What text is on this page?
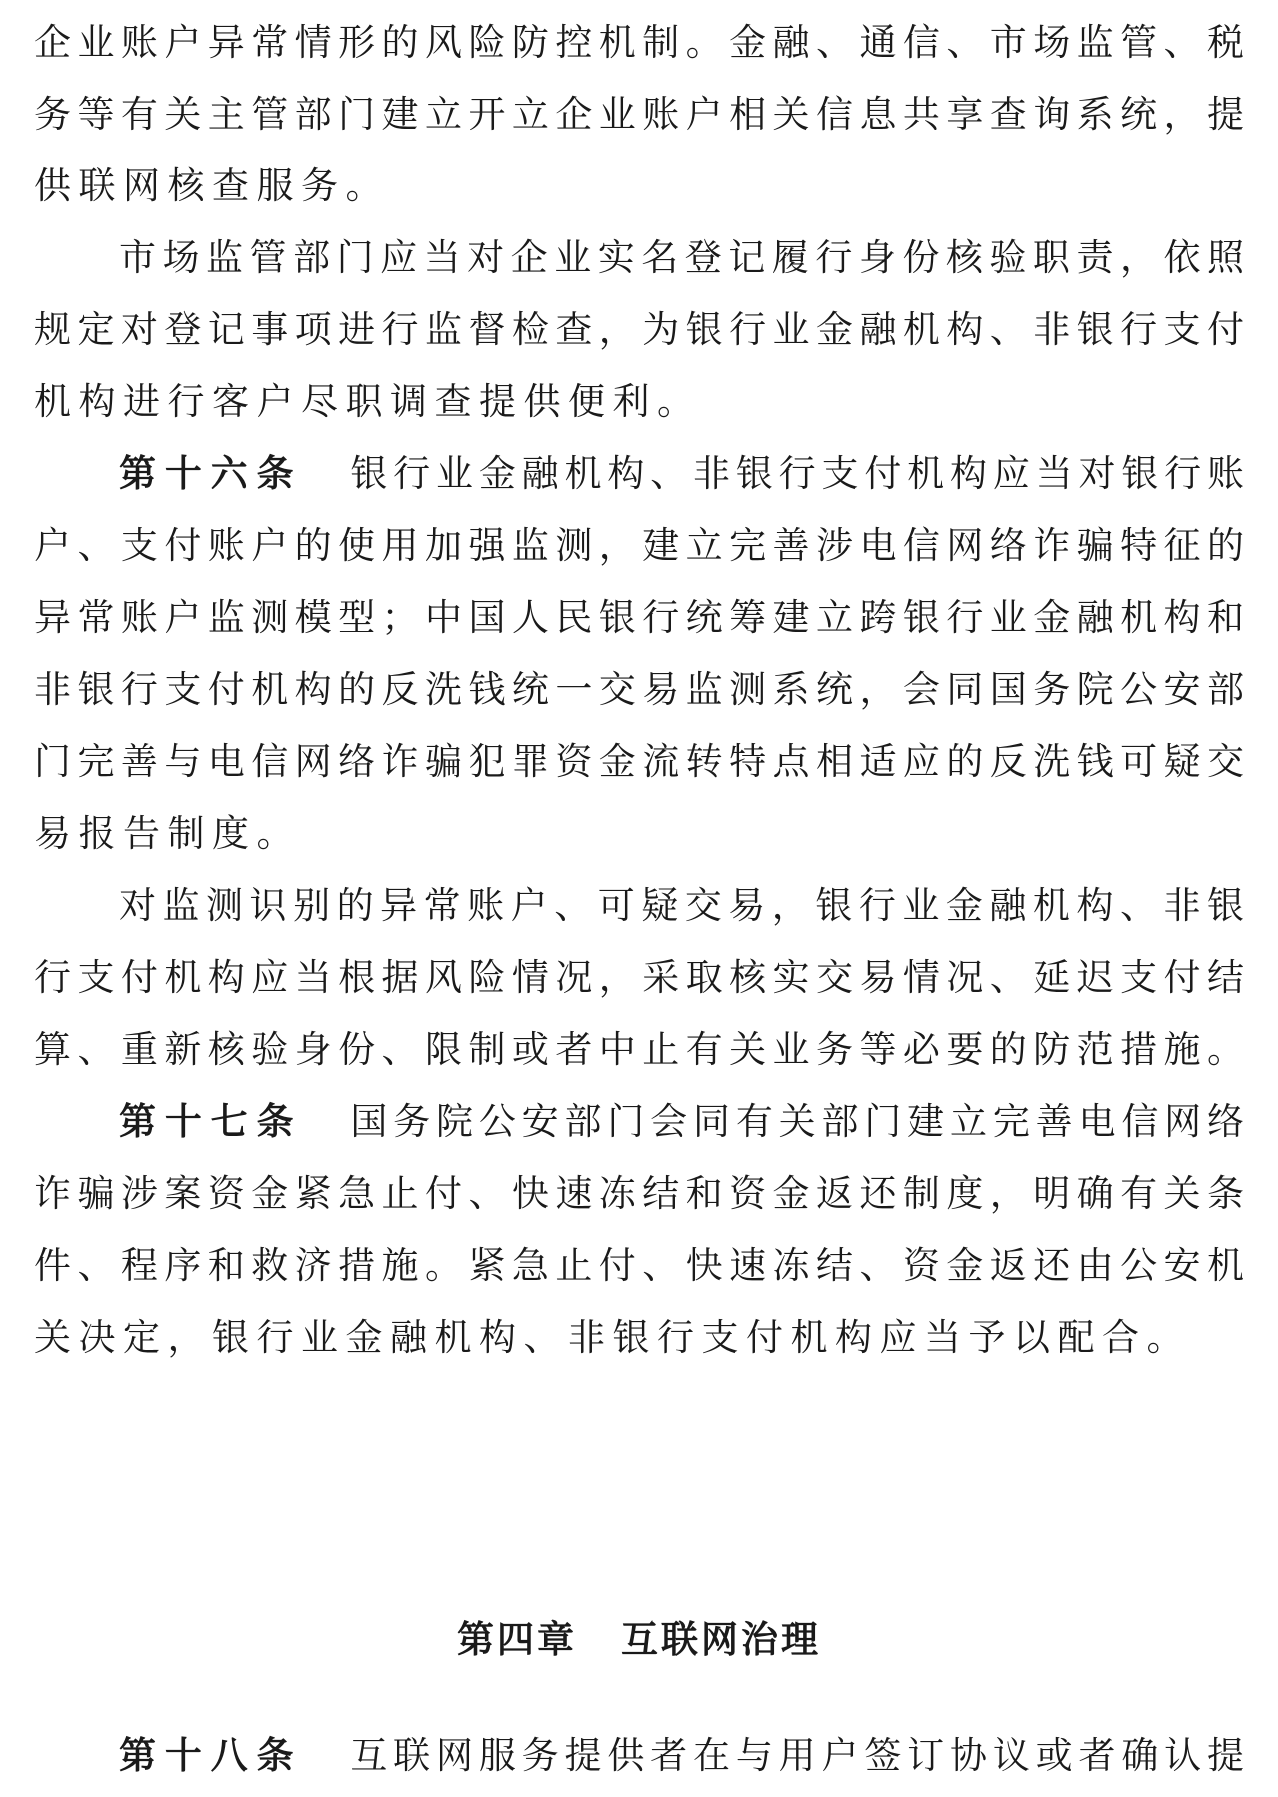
企业账户异常情形的风险防控机制。金融、通信、市场监管、税
务等有关主管部门建立开立企业账户相关信息共享查询系统，提
供联网核查服务。
市场监管部门应当对企业实名登记履行身份核验职责，依照
规定对登记事项进行监督检查，为银行业金融机构、非银行支付
机构进行客户尽职调查提供便利。
第十六条 银行业金融机构、非银行支付机构应当对银行账
户、支付账户的使用加强监测，建立完善涉电信网络诈骗特征的
异常账户监测模型；中国人民银行统筹建立跨银行业金融机构和
非银行支付机构的反洗钱统一交易监测系统，会同国务院公安部
门完善与电信网络诈骗犯罪资金流转特点相适应的反洗钱可疑交
易报告制度。
对监测识别的异常账户、可疑交易，银行业金融机构、非银
行支付机构应当根据风险情况，采取核实交易情况、延迟支付结
算、重新核验身份、限制或者中止有关业务等必要的防范措施。
第十七条 国务院公安部门会同有关部门建立完善电信网络
诈骗涉案资金紧急止付、快速冻结和资金返还制度，明确有关条
件、程序和救济措施。紧急止付、快速冻结、资金返还由公安机
关决定，银行业金融机构、非银行支付机构应当予以配合。
第四章 互联网治理
第十八条 互联网服务提供者在与用户签订协议或者确认提
